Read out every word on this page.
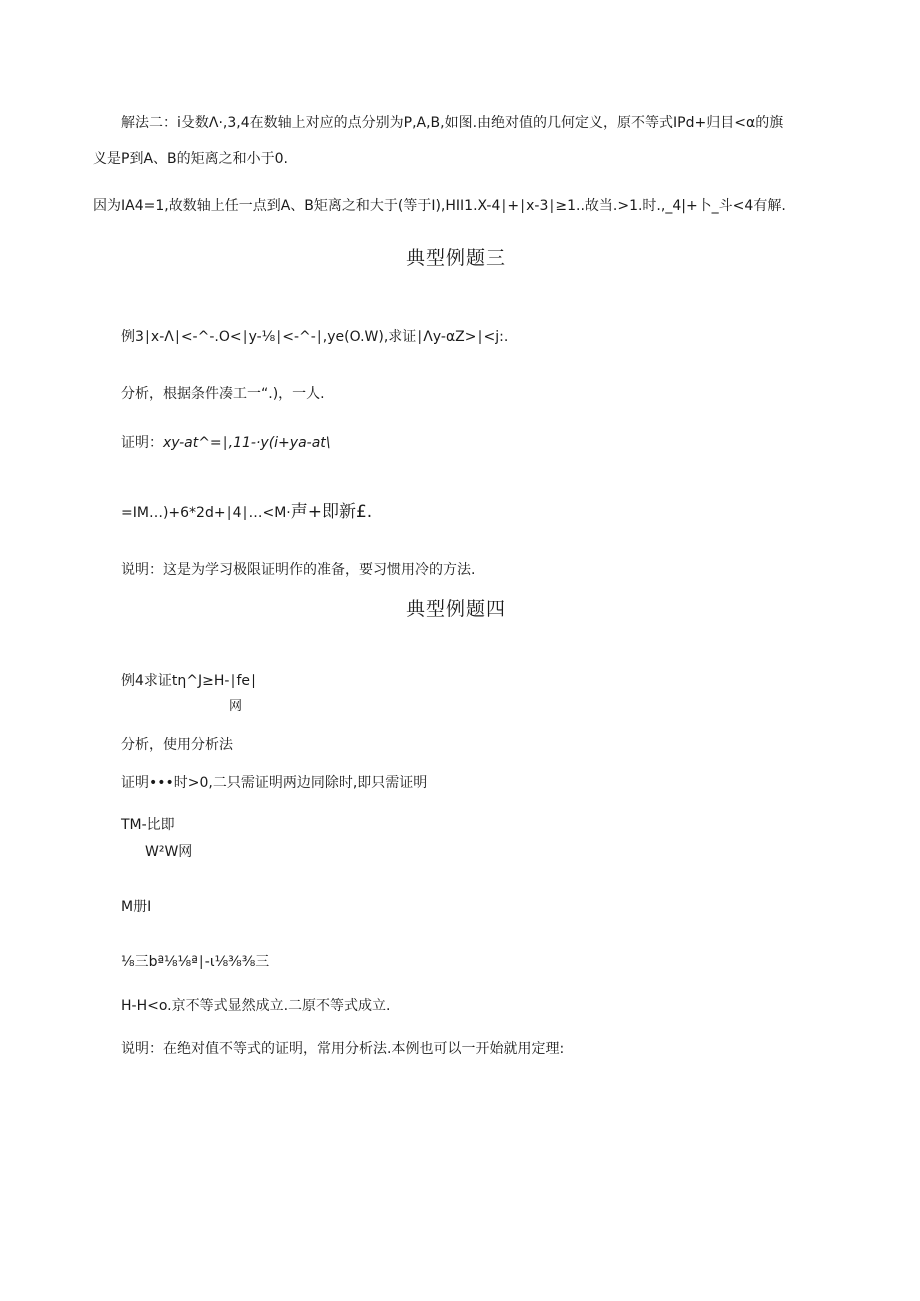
解法二：i殳数Λ·,3,4在数轴上对应的点分别为P,A,B,如图.由绝对值的几何定义，原不等式IPd+归目<α的旗
义是P到A、B的矩离之和小于0.
因为IA4=1,故数轴上任一点到A、B矩离之和大于(等于I),HII1.X-4∣+∣x-3∣≥1..故当.>1.时.,_4|+卜_斗<4有解.
典型例题三
例3∣x-Λ∣<-^-.O<∣y-⅛∣<-^-∣,ye(O.W),求证∣Λy-αZ>∣<j:.
分析，根据条件凑工一“.)，一人.
证明：xy-at^=∣,11-·y(i+ya-at\
=IM…)+6*2d+∣4∣…<M·声+即新£.
说明：这是为学习极限证明作的准备，要习惯用冷的方法.
典型例题四
例4求证tη^J≥H-∣fe∣
网
分析，使用分析法
证明•••时>0,二只需证明两边同除时,即只需证明
TM-比即
W²W网
M册I
⅛三bª⅛⅛ª∣-ι⅛⅜⅜三
H-H<o.京不等式显然成立.二原不等式成立.
说明：在绝对值不等式的证明，常用分析法.本例也可以一开始就用定理:
